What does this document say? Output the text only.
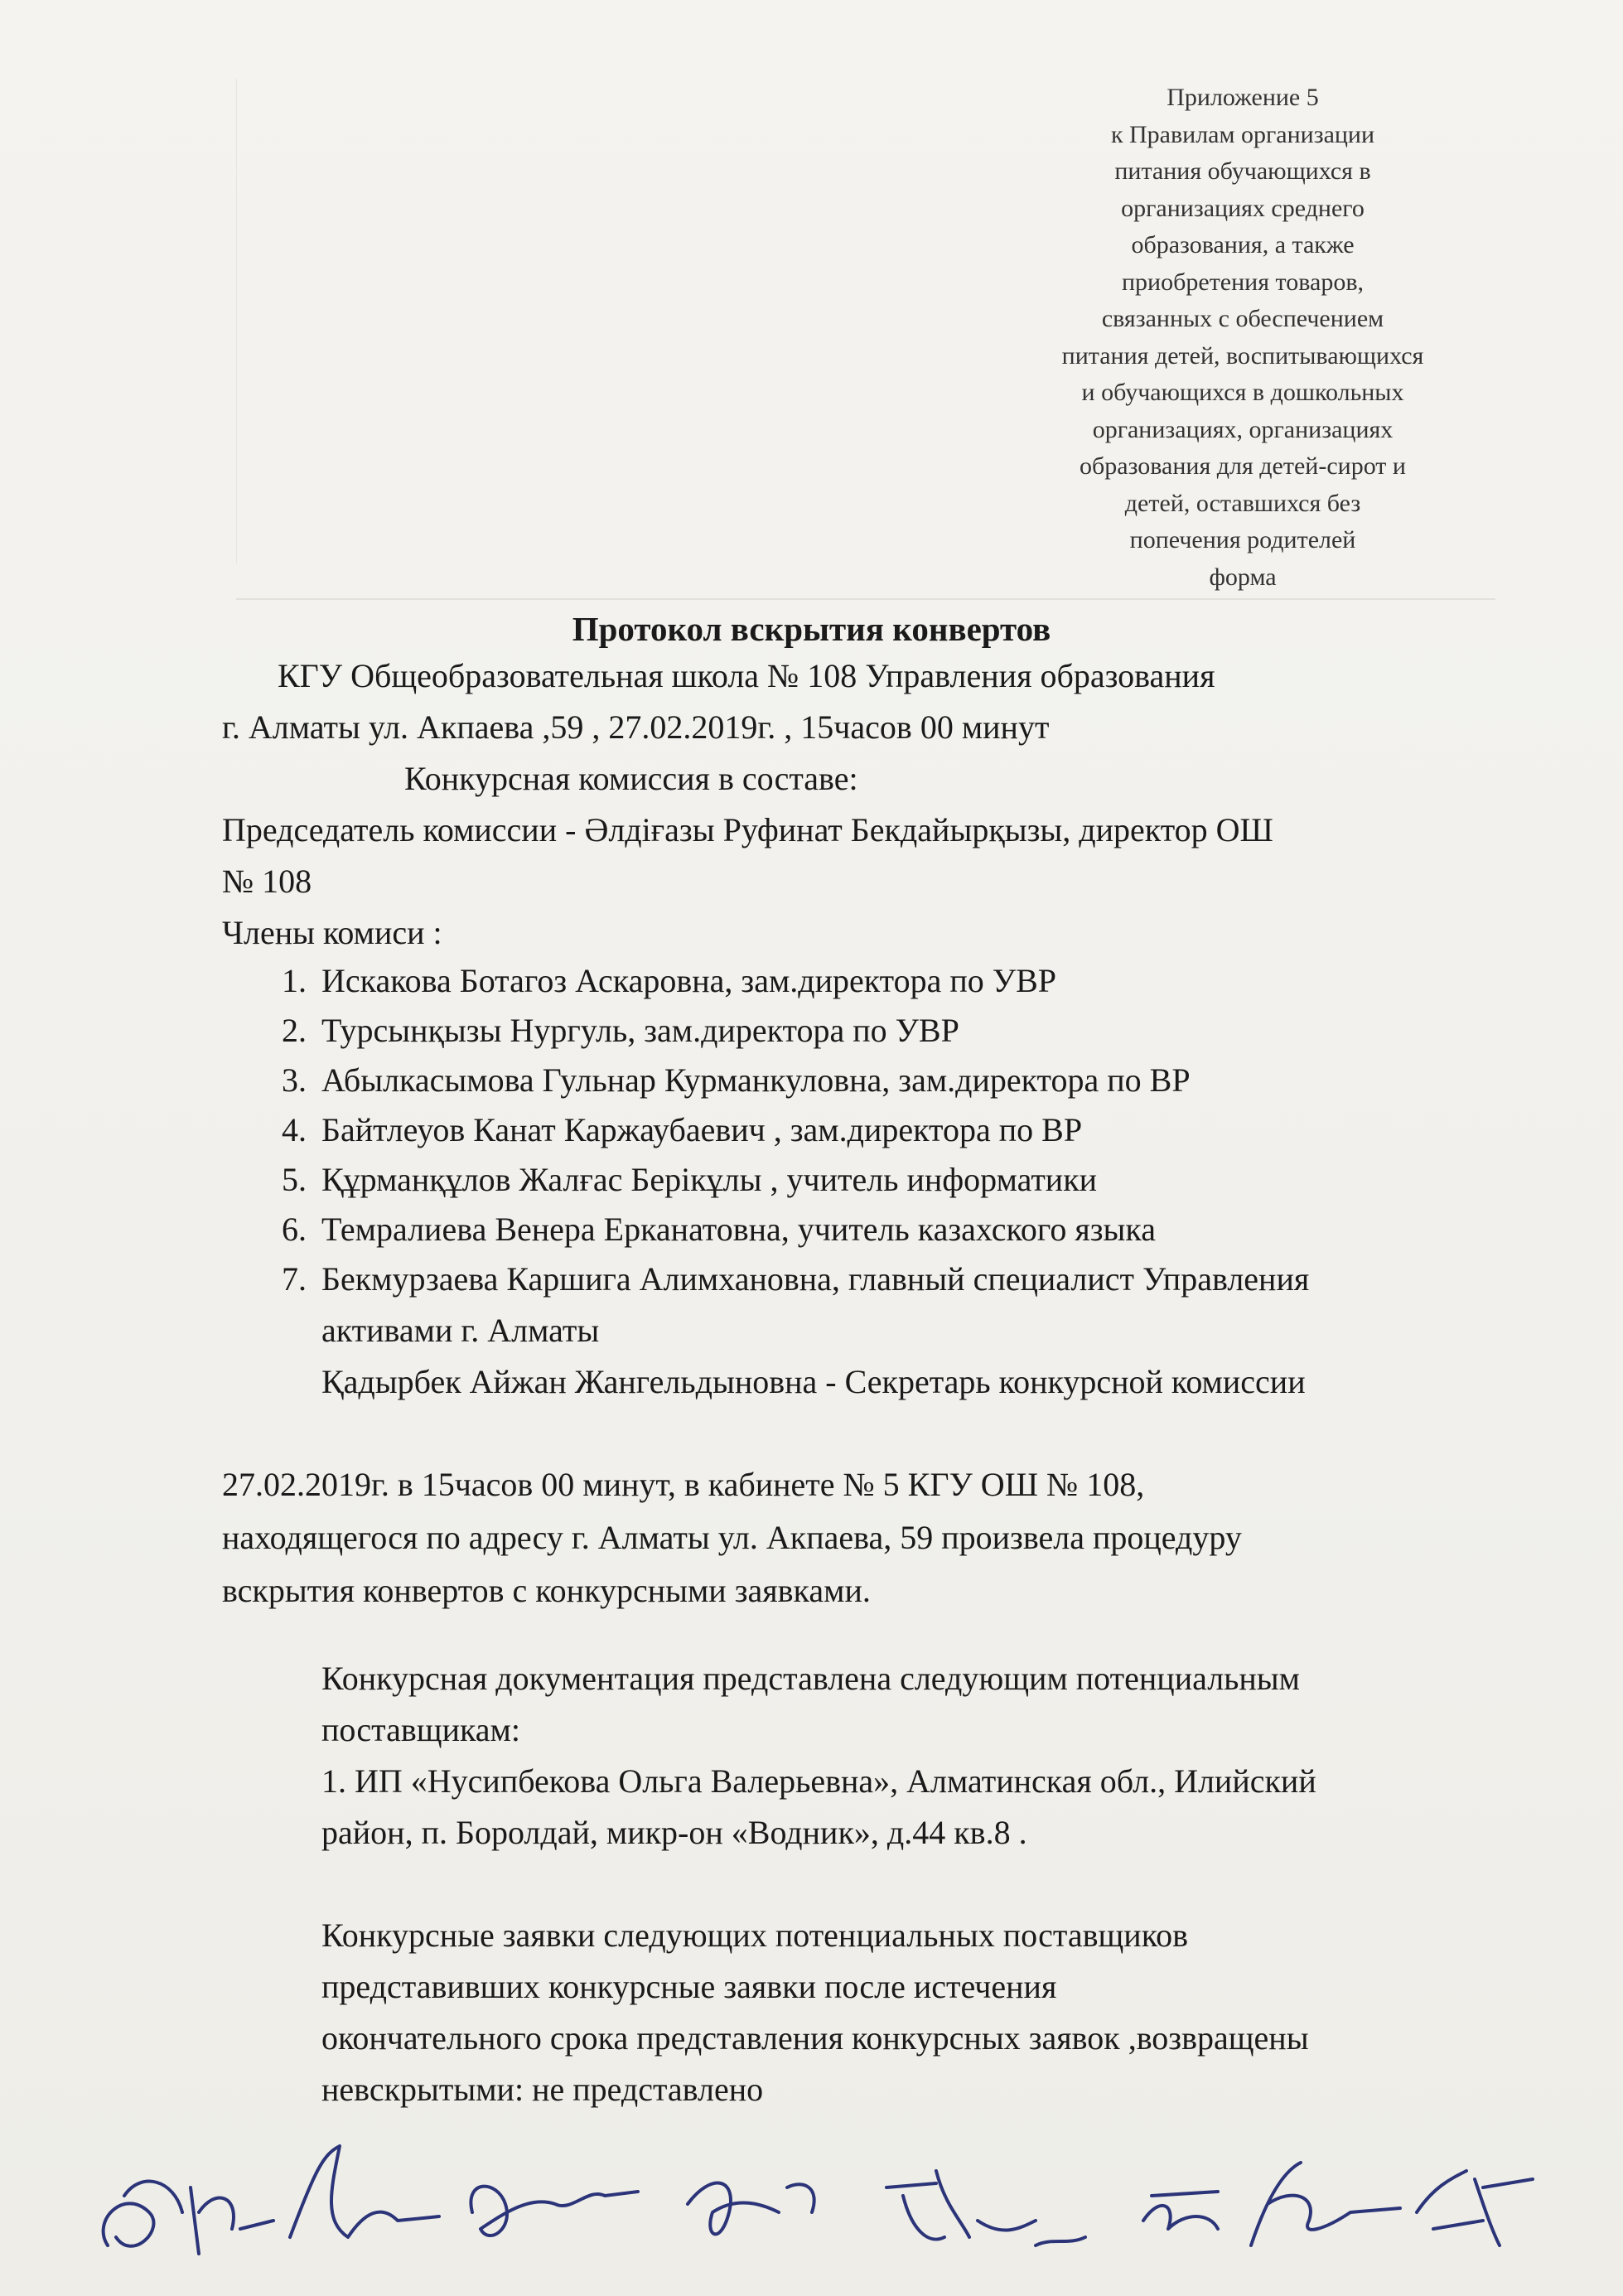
Приложение 5
к Правилам организации
питания обучающихся в
организациях среднего
образования, а также
приобретения товаров,
связанных с обеспечением
питания детей, воспитывающихся
и обучающихся в дошкольных
организациях, организациях
образования для детей-сирот и
детей, оставшихся без
попечения родителей
форма
Протокол вскрытия конвертов
КГУ Общеобразовательная школа № 108 Управления образования
г. Алматы ул. Акпаева ,59 , 27.02.2019г. , 15часов 00 минут
Конкурсная комиссия в составе:
Председатель комиссии - Әлдіғазы Руфинат Бекдайырқызы, директор ОШ
№ 108
Члены комиси :
1. Искакова Ботагоз Аскаровна, зам.директора по УВР
2. Турсынқызы Нургуль, зам.директора по УВР
3. Абылкасымова Гульнар Курманкуловна, зам.директора по ВР
4. Байтлеуов Канат Каржаубаевич , зам.директора по ВР
5. Құрманқұлов Жалғас Берікұлы , учитель информатики
6. Темралиева Венера Ерканатовна, учитель казахского языка
7. Бекмурзаева Каршига Алимхановна, главный специалист Управления
активами г. Алматы
Қадырбек Айжан Жангельдыновна - Секретарь конкурсной комиссии
27.02.2019г. в 15часов 00 минут, в кабинете № 5 КГУ ОШ № 108,
находящегося по адресу г. Алматы ул. Акпаева, 59 произвела процедуру
вскрытия конвертов с конкурсными заявками.
Конкурсная документация представлена следующим потенциальным
поставщикам:
1. ИП «Нусипбекова Ольга Валерьевна», Алматинская обл., Илийский
район, п. Боролдай, микр-он «Водник», д.44 кв.8 .
Конкурсные заявки следующих потенциальных поставщиков
представивших конкурсные заявки после истечения
окончательного срока представления конкурсных заявок ,возвращены
невскрытыми: не представлено
